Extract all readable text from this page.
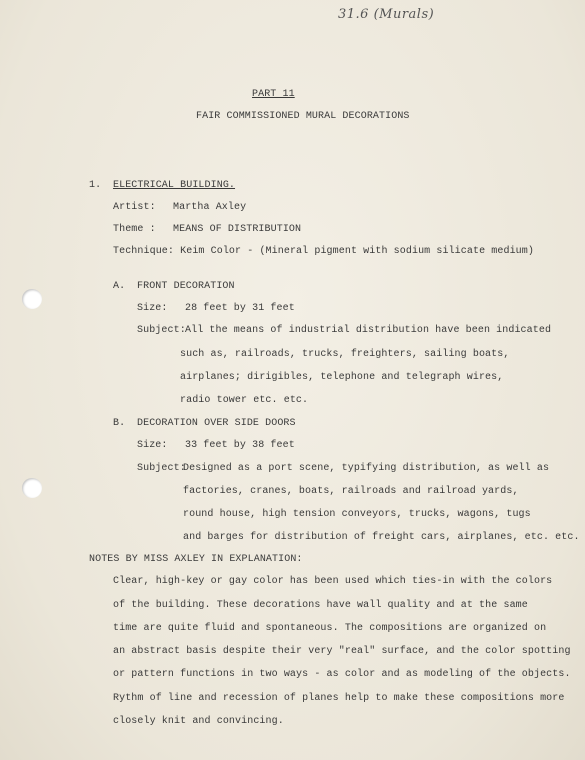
31.6 (Murals)
PART 11
FAIR COMMISSIONED MURAL DECORATIONS
1. ELECTRICAL BUILDING.
Artist: Martha Axley
Theme : MEANS OF DISTRIBUTION
Technique: Keim Color - (Mineral pigment with sodium silicate medium)
A. FRONT DECORATION
Size: 28 feet by 31 feet
Subject:All the means of industrial distribution have been indicated
such as, railroads, trucks, freighters, sailing boats,
airplanes; dirigibles, telephone and telegraph wires,
radio tower etc. etc.
B. DECORATION OVER SIDE DOORS
Size: 33 feet by 38 feet
Subject:Designed as a port scene, typifying distribution, as well as
factories, cranes, boats, railroads and railroad yards,
round house, high tension conveyors, trucks, wagons, tugs
and barges for distribution of freight cars, airplanes, etc. etc.
NOTES BY MISS AXLEY IN EXPLANATION:
Clear, high-key or gay color has been used which ties-in with the colors
of the building. These decorations have wall quality and at the same
time are quite fluid and spontaneous. The compositions are organized on
an abstract basis despite their very "real" surface, and the color spotting
or pattern functions in two ways - as color and as modeling of the objects.
Rythm of line and recession of planes help to make these compositions more
closely knit and convincing.
